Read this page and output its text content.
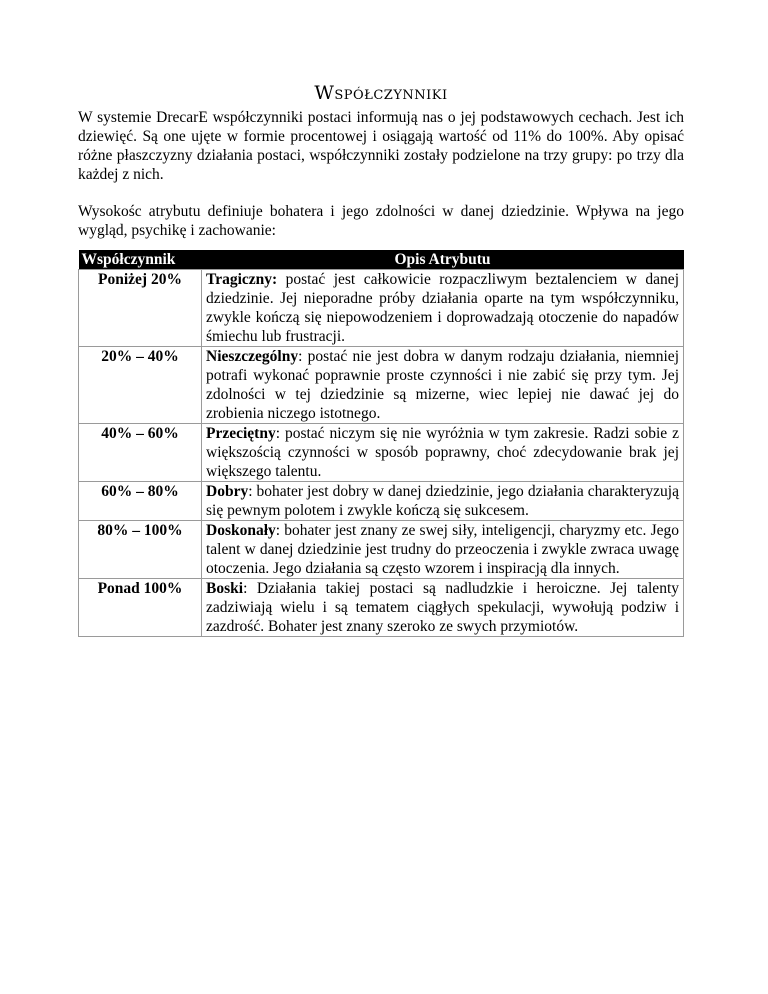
Współczynniki

W systemie DrecarE współczynniki postaci informują nas o jej podstawowych cechach. Jest ich dziewięć. Są one ujęte w formie procentowej i osiągają wartość od 11% do 100%. Aby opisać różne płaszczyzny działania postaci, współczynniki zostały podzielone na trzy grupy: po trzy dla każdej z nich.

Wysokośc atrybutu definiuje bohatera i jego zdolności w danej dziedzinie. Wpływa na jego wygląd, psychikę i zachowanie:

Współczynnik	Opis Atrybutu
Poniżej 20%	Tragiczny: postać jest całkowicie rozpaczliwym beztalenciem w danej dziedzinie. Jej nieporadne próby działania oparte na tym współczynniku, zwykle kończą się niepowodzeniem i doprowadzają otoczenie do napadów śmiechu lub frustracji.
20% – 40%	Nieszczególny: postać nie jest dobra w danym rodzaju działania, niemniej potrafi wykonać poprawnie proste czynności i nie zabić się przy tym. Jej zdolności w tej dziedzinie są mizerne, wiec lepiej nie dawać jej do zrobienia niczego istotnego.
40% – 60%	Przeciętny: postać niczym się nie wyróżnia w tym zakresie. Radzi sobie z większością czynności w sposób poprawny, choć zdecydowanie brak jej większego talentu.
60% – 80%	Dobry: bohater jest dobry w danej dziedzinie, jego działania charakteryzują się pewnym polotem i zwykle kończą się sukcesem.
80% – 100%	Doskonały: bohater jest znany ze swej siły, inteligencji, charyzmy etc. Jego talent w danej dziedzinie jest trudny do przeoczenia i zwykle zwraca uwagę otoczenia. Jego działania są często wzorem i inspiracją dla innych.
Ponad 100%	Boski: Działania takiej postaci są nadludzkie i heroiczne. Jej talenty zadziwiają wielu i są tematem ciągłych spekulacji, wywołują podziw i zazdrość. Bohater jest znany szeroko ze swych przymiotów.
